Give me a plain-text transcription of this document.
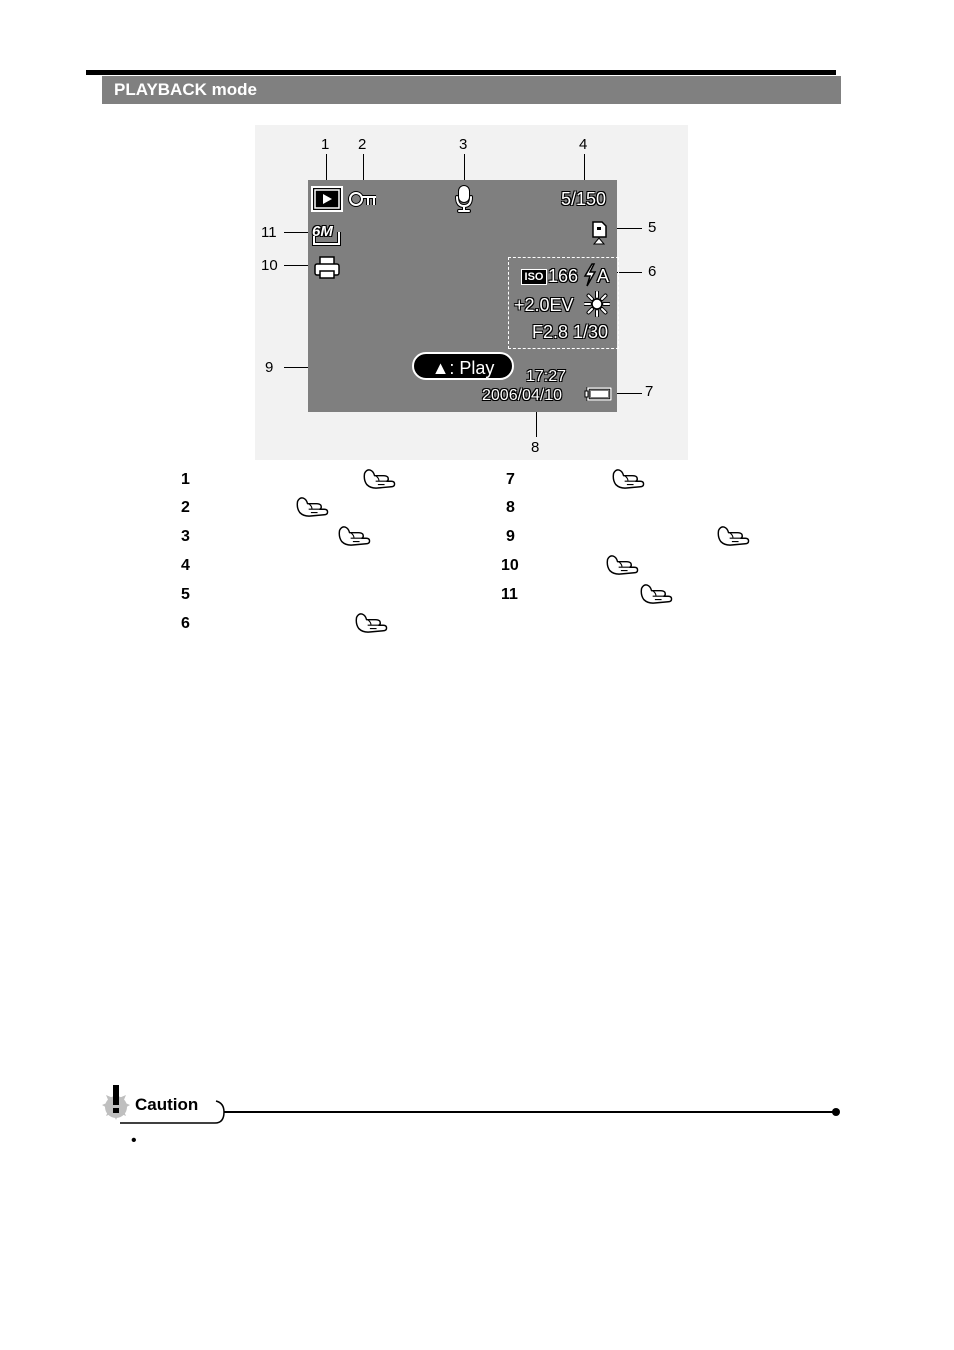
PLAYBACK mode
1 2	3	4
5
6
7
8
9
10
11
5/150
6M
ISO 166 A
+2.0EV
F2.8 1/30
▲: Play	17:27
2006/04/10
1
2
3
4
5
6
7
8
9
10
11
Caution
•
